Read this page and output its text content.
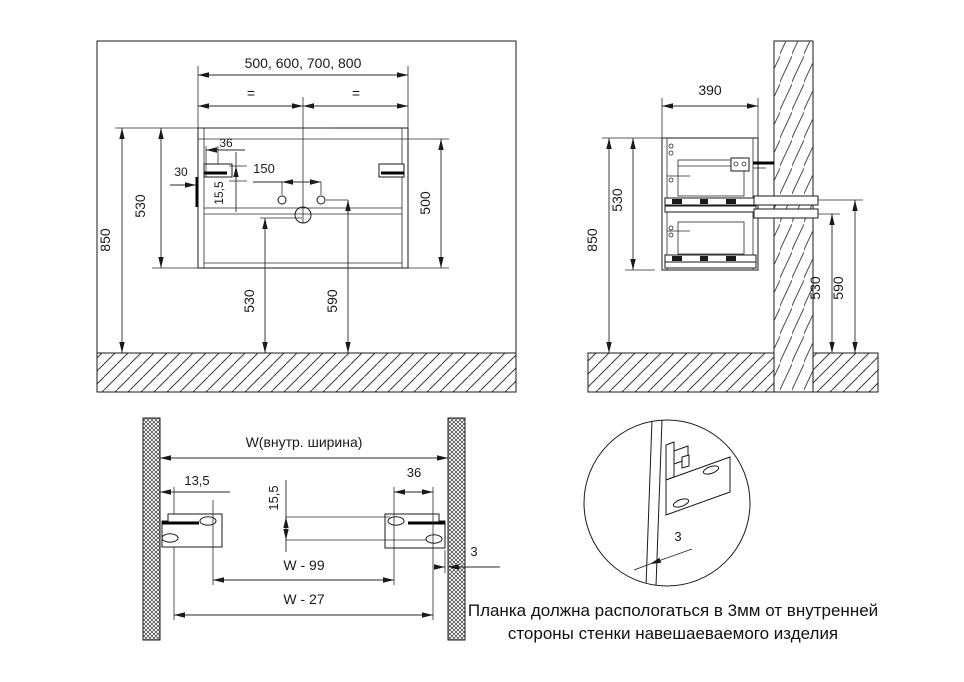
500, 600, 700, 800
=	=
36
30
15,5
150
530
850
500
530	590
390
850
530
530 590
W(внутр. ширина)
13,5
36
15,5
W - 99
W - 27
3
3
Планка должна распологаться в 3мм от внутренней
стороны стенки навешаеваемого изделия
